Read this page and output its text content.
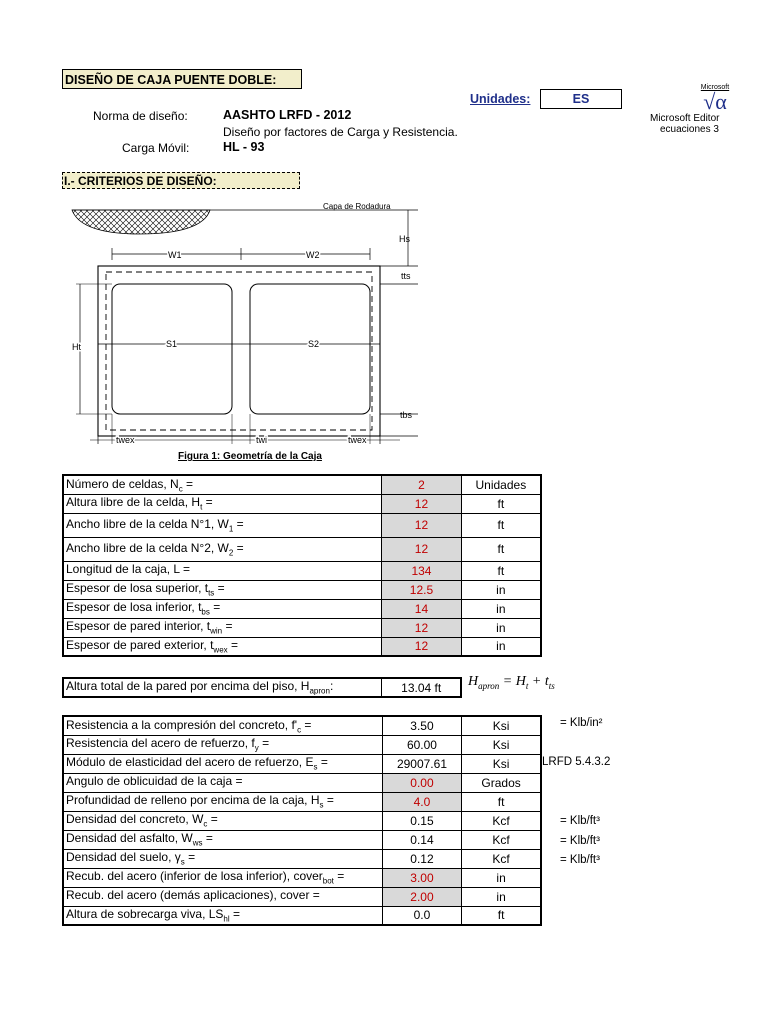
DISEÑO DE CAJA PUENTE DOBLE:
Unidades:	ES
Norma de diseño:	AASHTO LRFD - 2012
Diseño por factores de Carga y Resistencia.
Carga Móvil:	HL - 93
Microsoft
√α
Microsoft Editor
ecuaciones 3
I.- CRITERIOS DE DISEÑO:
Capa de Rodadura
Hs
W1	W2
tts
Ht	S1	S2
tbs
twex	twi	twex
Figura 1: Geometría de la Caja
Número de celdas, $N_c$ =	2	Unidades
Altura libre de la celda, $H_t$ =	12	ft
Ancho libre de la celda N°1, $W_1$ =	12	ft
Ancho libre de la celda N°2, $W_2$ =	12	ft
Longitud de la caja, L =	134	ft
Espesor de losa superior, $t_{ts}$ =	12.5	in
Espesor de losa inferior, $t_{bs}$ =	14	in
Espesor de pared interior, $t_{win}$ =	12	in
Espesor de pared exterior, $t_{wex}$ =	12	in
Altura total de la pared por encima del piso, $H_{apron}$:	13.04 ft $H_{apron} = H_t + t_{ts}$
Resistencia a la compresión del concreto, $f'_c$ =	3.50	Ksi
Resistencia del acero de refuerzo, $f_y$ =	60.00	Ksi
Módulo de elasticidad del acero de refuerzo, $E_s$ =	29007.61	Ksi
Angulo de oblicuidad de la caja =	0.00	Grados
Profundidad de relleno por encima de la caja, $H_s$ =	4.0	ft
Densidad del concreto, $W_c$ =	0.15	Kcf
Densidad del asfalto, $W_{ws}$ =	0.14	Kcf
Densidad del suelo, $\gamma_s$ =	0.12	Kcf
Recub. del acero (inferior de losa inferior), cover$_{bot}$ =	3.00	in
Recub. del acero (demás aplicaciones), cover =	2.00	in
Altura de sobrecarga viva, $LS_{hl}$ =	0.0	ft
= Klb/in²
LRFD 5.4.3.2
= Klb/ft³
= Klb/ft³
= Klb/ft³
